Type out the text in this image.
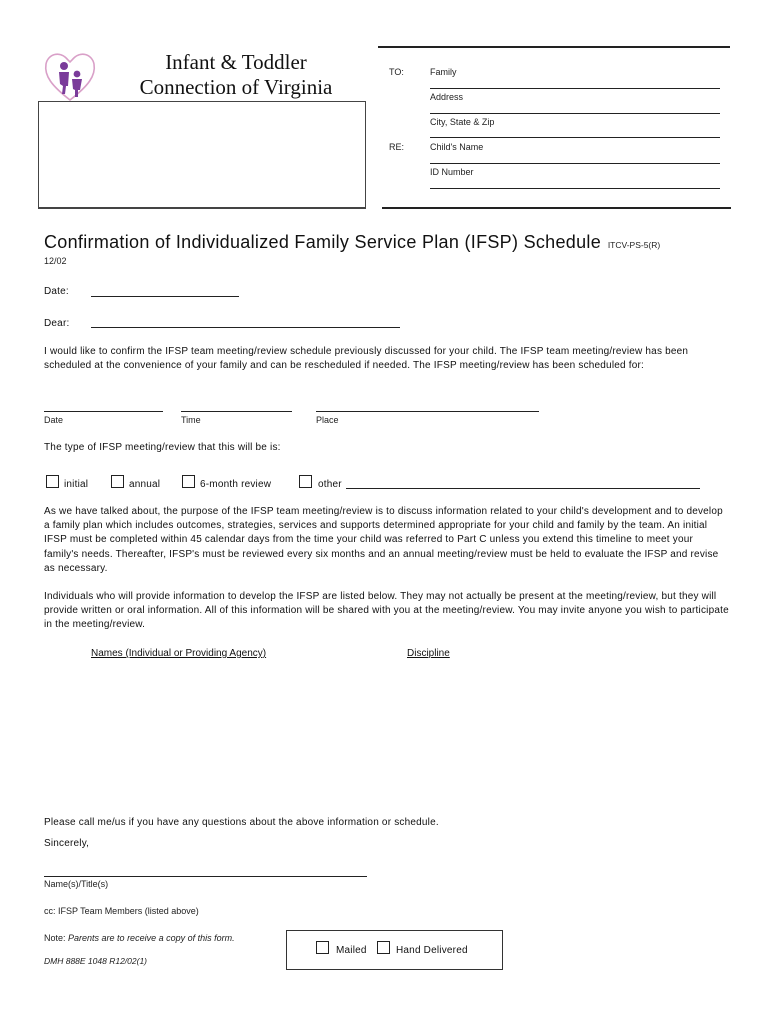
Infant & Toddler
Connection of Virginia
TO:	Family
Address
City, State & Zip
RE:	Child's Name
ID Number
Confirmation of Individualized Family Service Plan (IFSP) Schedule ITCV-PS-5(R)
12/02
Date:
Dear:
I would like to confirm the IFSP team meeting/review schedule previously discussed for your child. The IFSP team meeting/review has been scheduled at the convenience of your family and can be rescheduled if needed. The IFSP meeting/review has been scheduled for:
Date	Time	Place
The type of IFSP meeting/review that this will be is:
initial	annual	6-month review	other
As we have talked about, the purpose of the IFSP team meeting/review is to discuss information related to your child's development and to develop a family plan which includes outcomes, strategies, services and supports determined appropriate for your child and family by the team. An initial IFSP must be completed within 45 calendar days from the time your child was referred to Part C unless you extend this timeline to meet your family's needs. Thereafter, IFSP's must be reviewed every six months and an annual meeting/review must be held to evaluate the IFSP and revise as necessary.
Individuals who will provide information to develop the IFSP are listed below. They may not actually be present at the meeting/review, but they will provide written or oral information. All of this information will be shared with you at the meeting/review. You may invite anyone you wish to participate in the meeting/review.
Names (Individual or Providing Agency)	Discipline
Please call me/us if you have any questions about the above information or schedule.
Sincerely,
Name(s)/Title(s)
cc: IFSP Team Members (listed above)
Note: Parents are to receive a copy of this form.
DMH 888E 1048 R12/02(1)
Mailed	Hand Delivered
